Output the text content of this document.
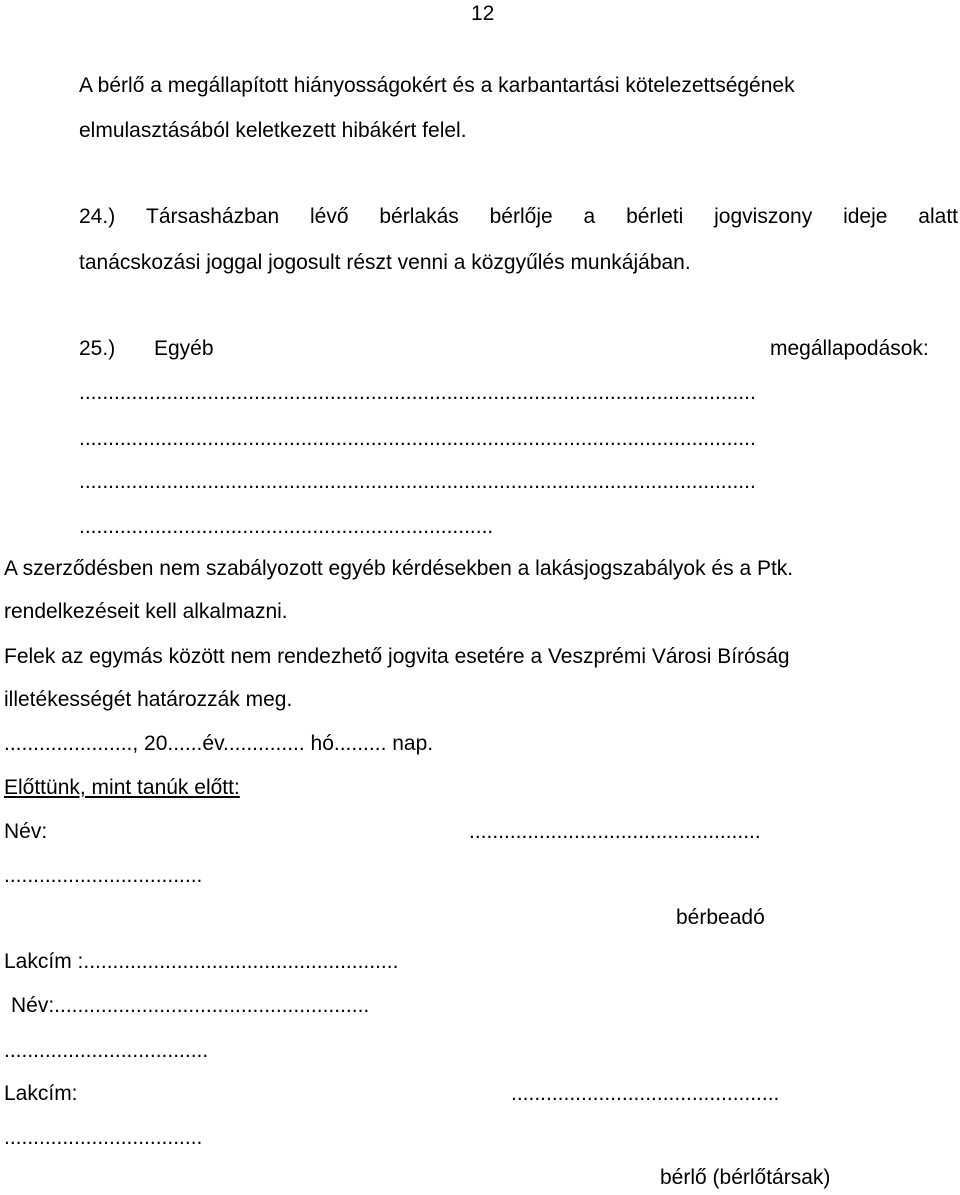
12
A bérlő a megállapított hiányosságokért és a karbantartási kötelezettségének
elmulasztásából keletkezett hibákért felel.
24.) Társasházban lévő bérlakás bérlője a bérleti jogviszony ideje alatt
tanácskozási joggal jogosult részt venni a közgyűlés munkájában.
25.) Egyéb	megállapodások:
....................................................................................................................
....................................................................................................................
....................................................................................................................
.......................................................................
A szerződésben nem szabályozott egyéb kérdésekben a lakásjogszabályok és a Ptk.
rendelkezéseit kell alkalmazni.
Felek az egymás között nem rendezhető jogvita esetére a Veszprémi Városi Bíróság
illetékességét határozzák meg.
......................, 20......év.............. hó......... nap.
Előttünk, mint tanúk előtt:
Név:	..................................................
..................................
bérbeadó
Lakcím :......................................................
Név:......................................................
...................................
Lakcím:	..............................................
..................................
bérlő (bérlőtársak)
